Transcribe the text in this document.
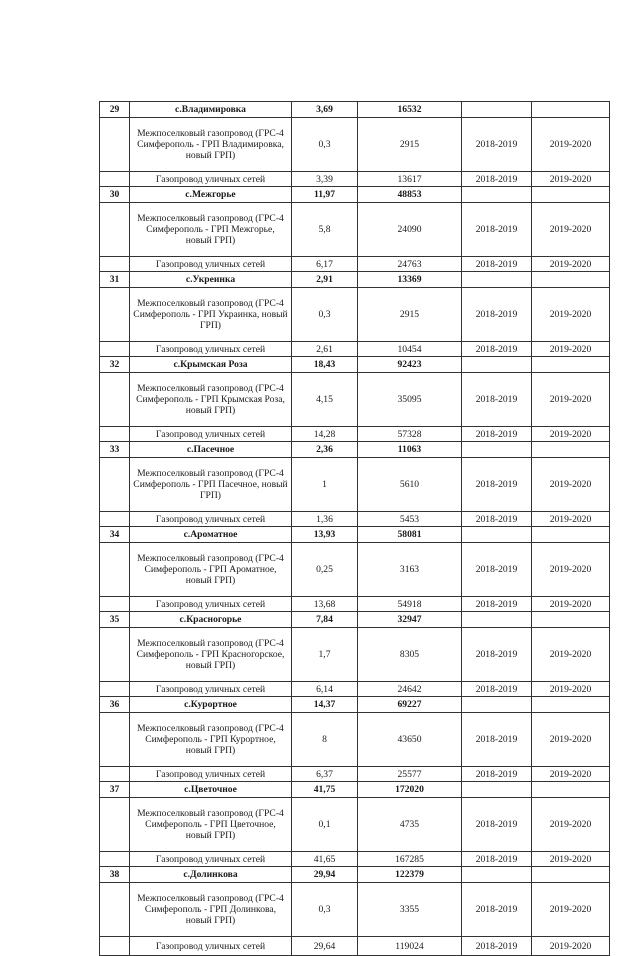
29	с.Владимировка	3,69	16532		
	Межпоселковый газопровод (ГРС-4 Симферополь - ГРП Владимировка, новый ГРП)	0,3	2915	2018-2019	2019-2020
	Газопровод уличных сетей	3,39	13617	2018-2019	2019-2020
30	с.Межгорье	11,97	48853		
	Межпоселковый газопровод (ГРС-4 Симферополь - ГРП Межгорье, новый ГРП)	5,8	24090	2018-2019	2019-2020
	Газопровод уличных сетей	6,17	24763	2018-2019	2019-2020
31	с.Укреинка	2,91	13369		
	Межпоселковый газопровод (ГРС-4 Симферополь - ГРП Украинка, новый ГРП)	0,3	2915	2018-2019	2019-2020
	Газопровод уличных сетей	2,61	10454	2018-2019	2019-2020
32	с.Крымская Роза	18,43	92423		
	Межпоселковый газопровод (ГРС-4 Симферополь - ГРП Крымская Роза, новый ГРП)	4,15	35095	2018-2019	2019-2020
	Газопровод уличных сетей	14,28	57328	2018-2019	2019-2020
33	с.Пасечное	2,36	11063		
	Межпоселковый газопровод (ГРС-4 Симферополь - ГРП Пасечное, новый ГРП)	1	5610	2018-2019	2019-2020
	Газопровод уличных сетей	1,36	5453	2018-2019	2019-2020
34	с.Ароматное	13,93	58081		
	Межпоселковый газопровод (ГРС-4 Симферополь - ГРП Ароматное, новый ГРП)	0,25	3163	2018-2019	2019-2020
	Газопровод уличных сетей	13,68	54918	2018-2019	2019-2020
35	с.Красногорье	7,84	32947		
	Межпоселковый газопровод (ГРС-4 Симферополь - ГРП Красногорское, новый ГРП)	1,7	8305	2018-2019	2019-2020
	Газопровод уличных сетей	6,14	24642	2018-2019	2019-2020
36	с.Курортное	14,37	69227		
	Межпоселковый газопровод (ГРС-4 Симферополь - ГРП Курортное, новый ГРП)	8	43650	2018-2019	2019-2020
	Газопровод уличных сетей	6,37	25577	2018-2019	2019-2020
37	с.Цветочное	41,75	172020		
	Межпоселковый газопровод (ГРС-4 Симферополь - ГРП Цветочное, новый ГРП)	0,1	4735	2018-2019	2019-2020
	Газопровод уличных сетей	41,65	167285	2018-2019	2019-2020
38	с.Долинкова	29,94	122379		
	Межпоселковый газопровод (ГРС-4 Симферополь - ГРП Долинкова, новый ГРП)	0,3	3355	2018-2019	2019-2020
	Газопровод уличных сетей	29,64	119024	2018-2019	2019-2020
